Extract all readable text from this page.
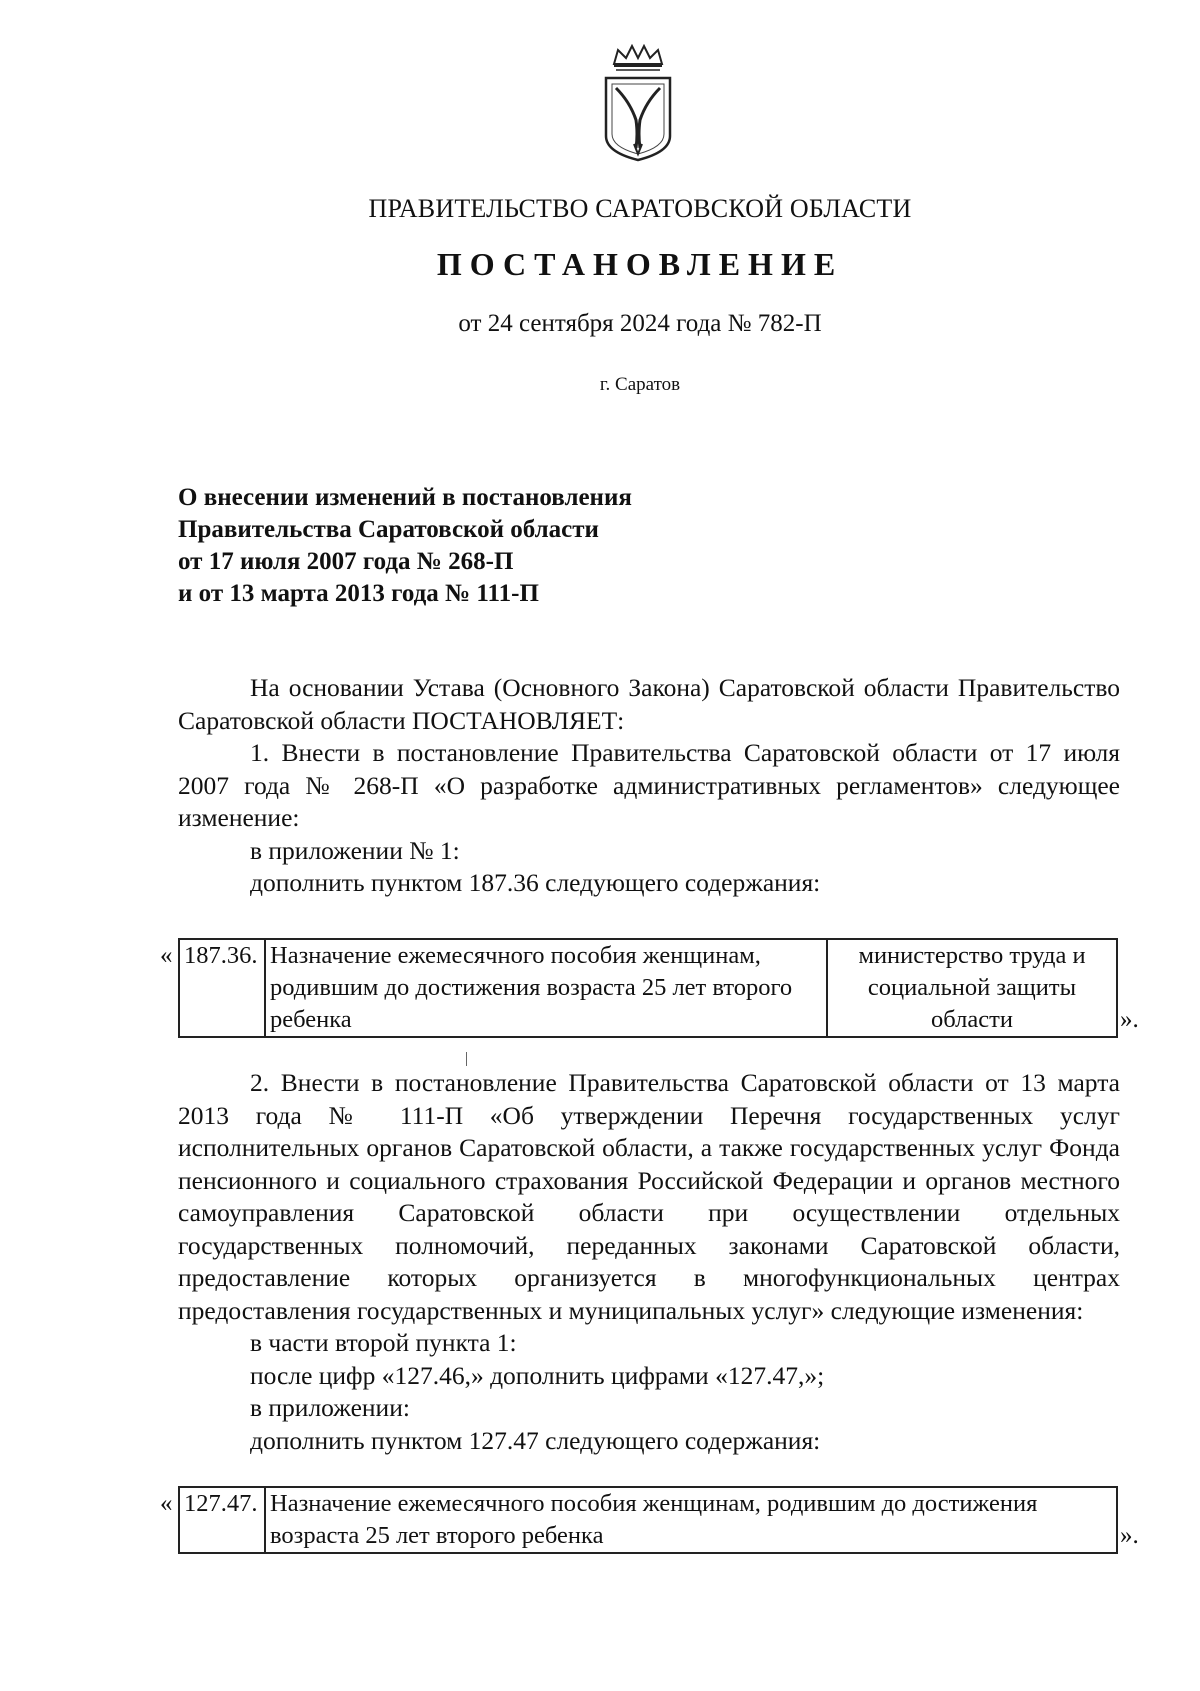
ПРАВИТЕЛЬСТВО САРАТОВСКОЙ ОБЛАСТИ
ПОСТАНОВЛЕНИЕ
от 24 сентября 2024 года № 782-П
г. Саратов
О внесении изменений в постановления
Правительства Саратовской области
от 17 июля 2007 года № 268-П
и от 13 марта 2013 года № 111-П

На основании Устава (Основного Закона) Саратовской области Правительство Саратовской области ПОСТАНОВЛЯЕТ:

1. Внести в постановление Правительства Саратовской области от 17 июля 2007 года № 268-П «О разработке административных регламентов» следующее изменение:

в приложении № 1:

дополнить пунктом 187.36 следующего содержания:

« 187.36.	Назначение ежемесячного пособия женщинам, родившим до достижения возраста 25 лет второго ребенка	министерство труда и социальной защиты области	».

2. Внести в постановление Правительства Саратовской области от 13 марта 2013 года № 111-П «Об утверждении Перечня государственных услуг исполнительных органов Саратовской области, а также государственных услуг Фонда пенсионного и социального страхования Российской Федерации и органов местного самоуправления Саратовской области при осуществлении отдельных государственных полномочий, переданных законами Саратовской области, предоставление которых организуется в многофункциональных центрах предоставления государственных и муниципальных услуг» следующие изменения:

в части второй пункта 1:

после цифр «127.46,» дополнить цифрами «127.47,»;

в приложении:

дополнить пунктом 127.47 следующего содержания:

« 127.47.	Назначение ежемесячного пособия женщинам, родившим до достижения возраста 25 лет второго ребенка	».
